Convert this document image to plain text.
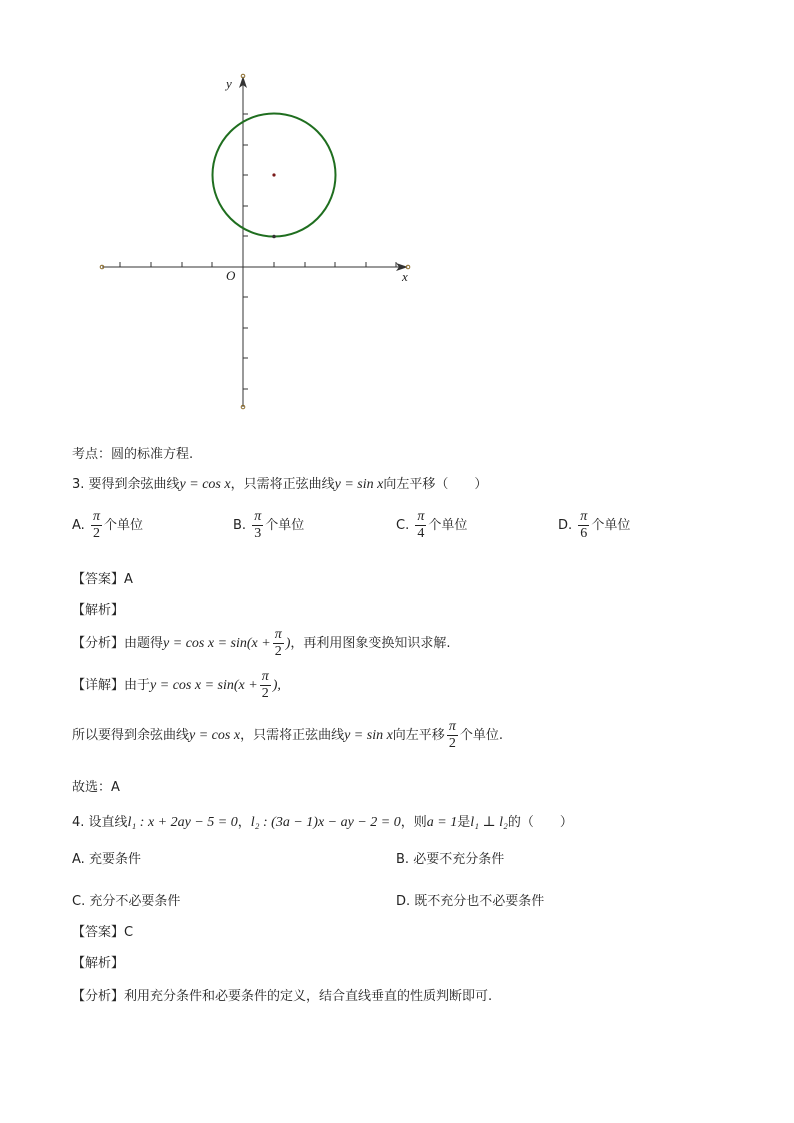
y
x
O
考点：圆的标准方程.
3. 要得到余弦曲线y = cos x，只需将正弦曲线y = sin x向左平移（　　）
A. $\frac{\pi}{2}$ 个单位	B. $\frac{\pi}{3}$ 个单位	C. $\frac{\pi}{4}$ 个单位	D. $\frac{\pi}{6}$ 个单位
【答案】A
【解析】
【分析】由题得$y = \cos x = \sin(x + \frac{\pi}{2}$ )，再利用图象变换知识求解.
【详解】由于$y = \cos x = \sin(x + \frac{\pi}{2}$ ),
所以要得到余弦曲线y = cos x，只需将正弦曲线y = sin x向左平移 $\frac{\pi}{2}$ 个单位.
故选：A
4. 设直线l₁ : x + 2ay − 5 = 0，l₂ : (3a − 1)x − ay − 2 = 0，则a = 1是l₁ ⊥ l₂的（　　）
A. 充要条件	B. 必要不充分条件
C. 充分不必要条件	D. 既不充分也不必要条件
【答案】C
【解析】
【分析】利用充分条件和必要条件的定义，结合直线垂直的性质判断即可.
